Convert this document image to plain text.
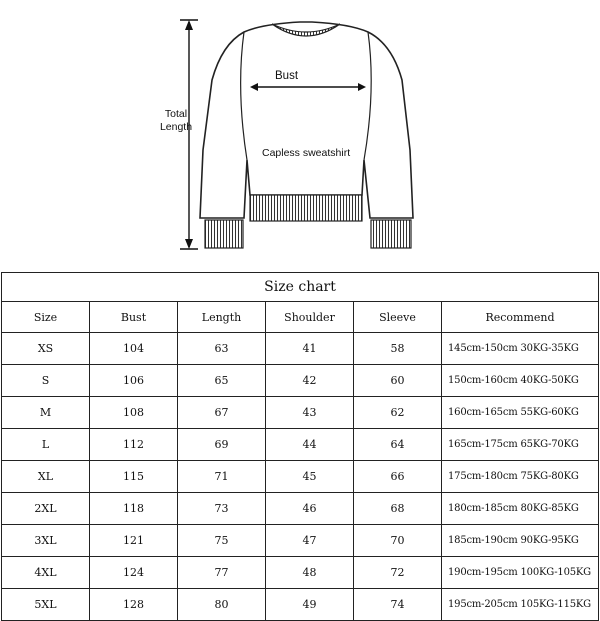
Bust
Total Length
Capless sweatshirt
Size chart					
Size	Bust	Length	Shoulder	Sleeve	Recommend
XS	104	63	41	58	145cm-150cm 30KG-35KG
S	106	65	42	60	150cm-160cm 40KG-50KG
M	108	67	43	62	160cm-165cm 55KG-60KG
L	112	69	44	64	165cm-175cm 65KG-70KG
XL	115	71	45	66	175cm-180cm 75KG-80KG
2XL	118	73	46	68	180cm-185cm 80KG-85KG
3XL	121	75	47	70	185cm-190cm 90KG-95KG
4XL	124	77	48	72	190cm-195cm 100KG-105KG
5XL	128	80	49	74	195cm-205cm 105KG-115KG
